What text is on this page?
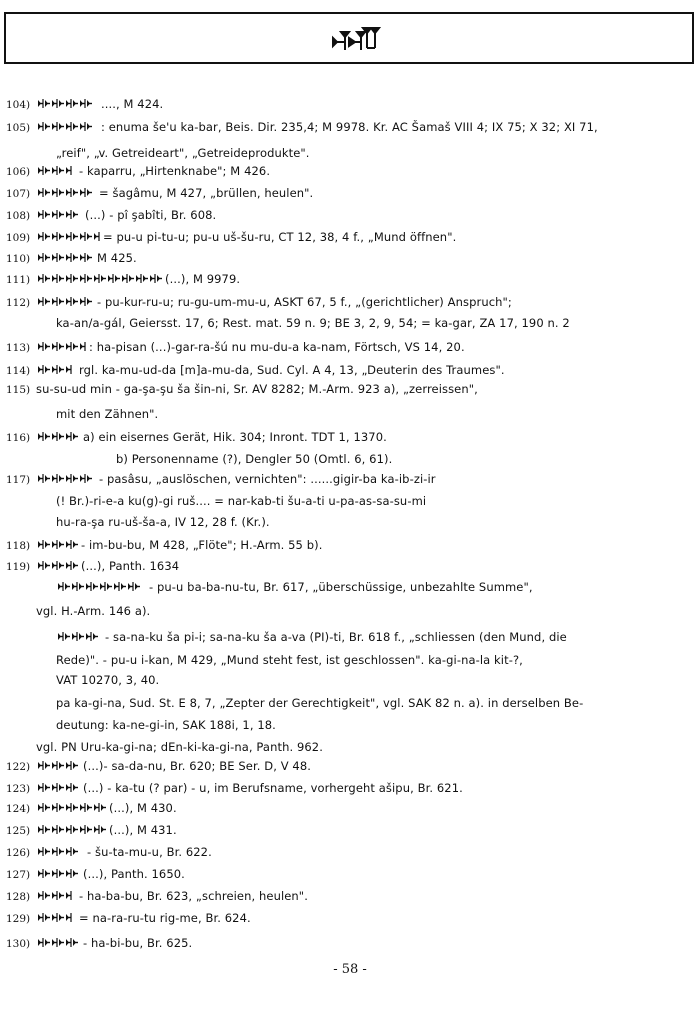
104)	...., M 424.
105)	: enuma še'u ka-bar, Beis. Dir. 235,4; M 9978. Kr. AC Šamaš VIII 4; IX 75; X 32; XI 71,
„reif", „v. Getreideart", „Getreideprodukte".
106)	- kaparru, „Hirtenknabe"; M 426.
107)	= šagâmu, M 427, „brüllen, heulen".
108)	(...) - pî şabîti, Br. 608.
109)	= pu-u pi-tu-u; pu-u uš-šu-ru, CT 12, 38, 4 f., „Mund öffnen".
110)	M 425.
111)	(...), M 9979.
112)	- pu-kur-ru-u; ru-gu-um-mu-u, ASKT 67, 5 f., „(gerichtlicher) Anspruch";
ka-an/a-gál, Geiersst. 17, 6; Rest. mat. 59 n. 9; BE 3, 2, 9, 54; = ka-gar, ZA 17, 190 n. 2
113)	: ha-pisan (...)-gar-ra-šú nu mu-du-a ka-nam, Förtsch, VS 14, 20.
114)	rgl. ka-mu-ud-da [m]a-mu-da, Sud. Cyl. A 4, 13, „Deuterin des Traumes".
115) su-su-ud min - ga-şa-şu ša šin-ni, Sr. AV 8282; M.-Arm. 923 a), „zerreissen",
mit den Zähnen".
116)	a) ein eisernes Gerät, Hik. 304; Inront. TDT 1, 1370.
b) Personenname (?), Dengler 50 (Omtl. 6, 61).
117)	- pasâsu, „auslöschen, vernichten": ......gigir-ba ka-ib-zi-ir
(! Br.)-ri-e-a ku(g)-gi ruš.... = nar-kab-ti šu-a-ti u-pa-as-sa-su-mi
hu-ra-şa ru-uš-ša-a, IV 12, 28 f. (Kr.).
118)	- im-bu-bu, M 428, „Flöte"; H.-Arm. 55 b).
119)	(...), Panth. 1634
- pu-u ba-ba-nu-tu, Br. 617, „überschüssige, unbezahlte Summe",
vgl. H.-Arm. 146 a).
- sa-na-ku ša pi-i; sa-na-ku ša a-va (PI)-ti, Br. 618 f., „schliessen (den Mund, die
Rede)". - pu-u i-kan, M 429, „Mund steht fest, ist geschlossen". ka-gi-na-la kit-?,
VAT 10270, 3, 40.
pa ka-gi-na, Sud. St. E 8, 7, „Zepter der Gerechtigkeit", vgl. SAK 82 n. a). in derselben Be-
deutung: ka-ne-gi-in, SAK 188i, 1, 18.
vgl. PN Uru-ka-gi-na; dEn-ki-ka-gi-na, Panth. 962.
122)	(...)- sa-da-nu, Br. 620; BE Ser. D, V 48.
123)	(...) - ka-tu (? par) - u, im Berufsname, vorhergeht ašipu, Br. 621.
124)	(...), M 430.
125)	(...), M 431.
126)	- šu-ta-mu-u, Br. 622.
127)	(...), Panth. 1650.
128)	- ha-ba-bu, Br. 623, „schreien, heulen".
129)	= na-ra-ru-tu rig-me, Br. 624.
130)	- ha-bi-bu, Br. 625.
- 58 -
